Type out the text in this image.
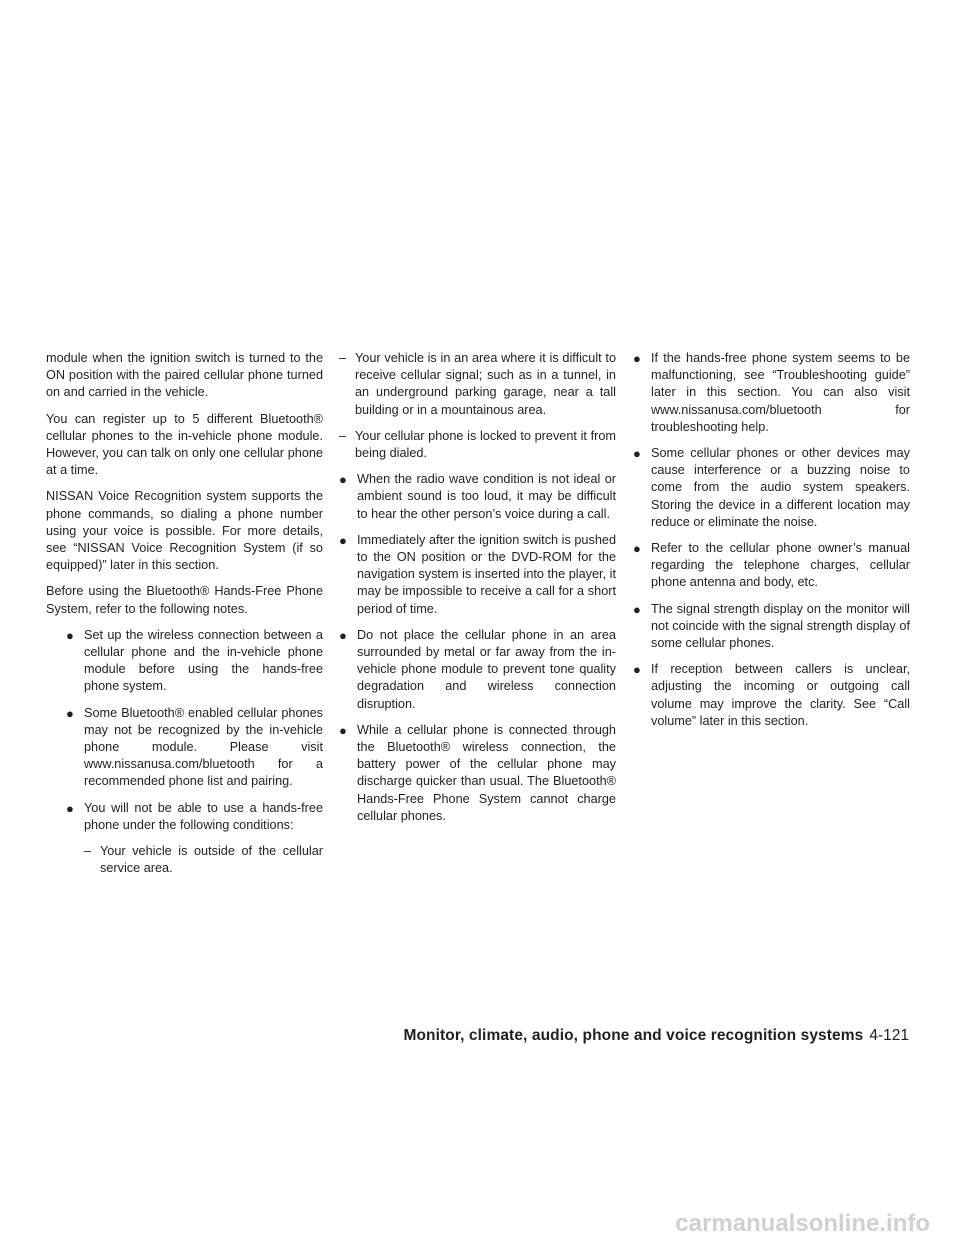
module when the ignition switch is turned to the ON position with the paired cellular phone turned on and carried in the vehicle.

You can register up to 5 different Bluetooth® cellular phones to the in-vehicle phone module. However, you can talk on only one cellular phone at a time.

NISSAN Voice Recognition system supports the phone commands, so dialing a phone number using your voice is possible. For more details, see “NISSAN Voice Recognition System (if so equipped)” later in this section.

Before using the Bluetooth® Hands-Free Phone System, refer to the following notes.

● Set up the wireless connection between a cellular phone and the in-vehicle phone module before using the hands-free phone system.
● Some Bluetooth® enabled cellular phones may not be recognized by the in-vehicle phone module. Please visit www.nissanusa.com/bluetooth for a recommended phone list and pairing.
● You will not be able to use a hands-free phone under the following conditions:
– Your vehicle is outside of the cellular service area.
– Your vehicle is in an area where it is difficult to receive cellular signal; such as in a tunnel, in an underground parking garage, near a tall building or in a mountainous area.
– Your cellular phone is locked to prevent it from being dialed.
● When the radio wave condition is not ideal or ambient sound is too loud, it may be difficult to hear the other person’s voice during a call.
● Immediately after the ignition switch is pushed to the ON position or the DVD-ROM for the navigation system is inserted into the player, it may be impossible to receive a call for a short period of time.
● Do not place the cellular phone in an area surrounded by metal or far away from the in-vehicle phone module to prevent tone quality degradation and wireless connection disruption.
● While a cellular phone is connected through the Bluetooth® wireless connection, the battery power of the cellular phone may discharge quicker than usual. The Bluetooth® Hands-Free Phone System cannot charge cellular phones.
● If the hands-free phone system seems to be malfunctioning, see “Troubleshooting guide” later in this section. You can also visit www.nissanusa.com/bluetooth for troubleshooting help.
● Some cellular phones or other devices may cause interference or a buzzing noise to come from the audio system speakers. Storing the device in a different location may reduce or eliminate the noise.
● Refer to the cellular phone owner’s manual regarding the telephone charges, cellular phone antenna and body, etc.
● The signal strength display on the monitor will not coincide with the signal strength display of some cellular phones.
● If reception between callers is unclear, adjusting the incoming or outgoing call volume may improve the clarity. See “Call volume” later in this section.
Monitor, climate, audio, phone and voice recognition systems 4-121
carmanualsonline.info
